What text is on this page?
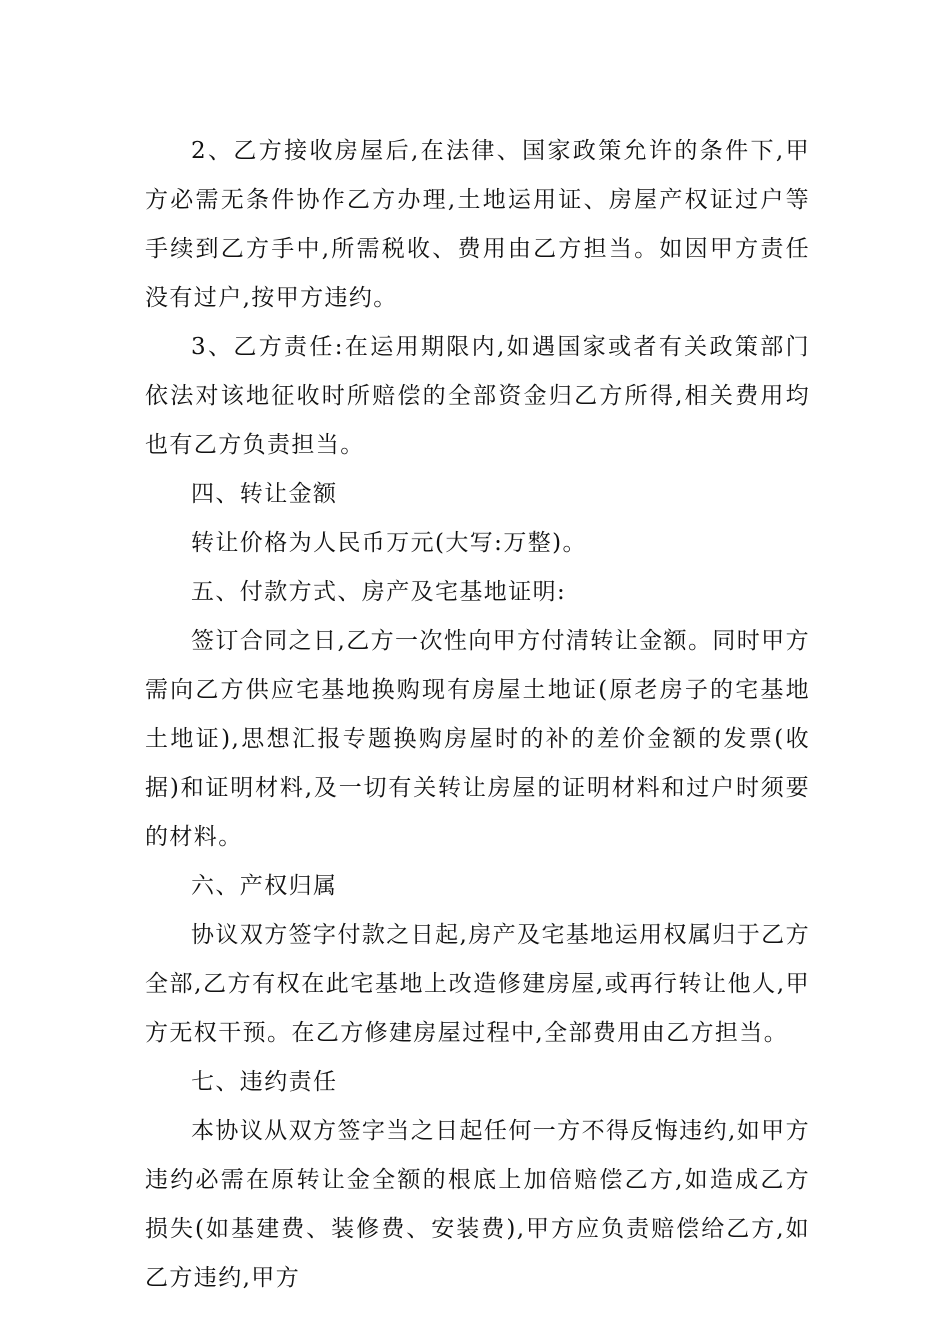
2、乙方接收房屋后,在法律、国家政策允许的条件下,甲方必需无条件协作乙方办理,土地运用证、房屋产权证过户等手续到乙方手中,所需税收、费用由乙方担当。如因甲方责任没有过户,按甲方违约。

3、乙方责任:在运用期限内,如遇国家或者有关政策部门依法对该地征收时所赔偿的全部资金归乙方所得,相关费用均也有乙方负责担当。

四、转让金额

转让价格为人民币万元(大写:万整)。

五、付款方式、房产及宅基地证明:

签订合同之日,乙方一次性向甲方付清转让金额。同时甲方需向乙方供应宅基地换购现有房屋土地证(原老房子的宅基地土地证),思想汇报专题换购房屋时的补的差价金额的发票(收据)和证明材料,及一切有关转让房屋的证明材料和过户时须要的材料。

六、产权归属

协议双方签字付款之日起,房产及宅基地运用权属归于乙方全部,乙方有权在此宅基地上改造修建房屋,或再行转让他人,甲方无权干预。在乙方修建房屋过程中,全部费用由乙方担当。

七、违约责任

本协议从双方签字当之日起任何一方不得反悔违约,如甲方违约必需在原转让金全额的根底上加倍赔偿乙方,如造成乙方损失(如基建费、装修费、安装费),甲方应负责赔偿给乙方,如乙方违约,甲方
